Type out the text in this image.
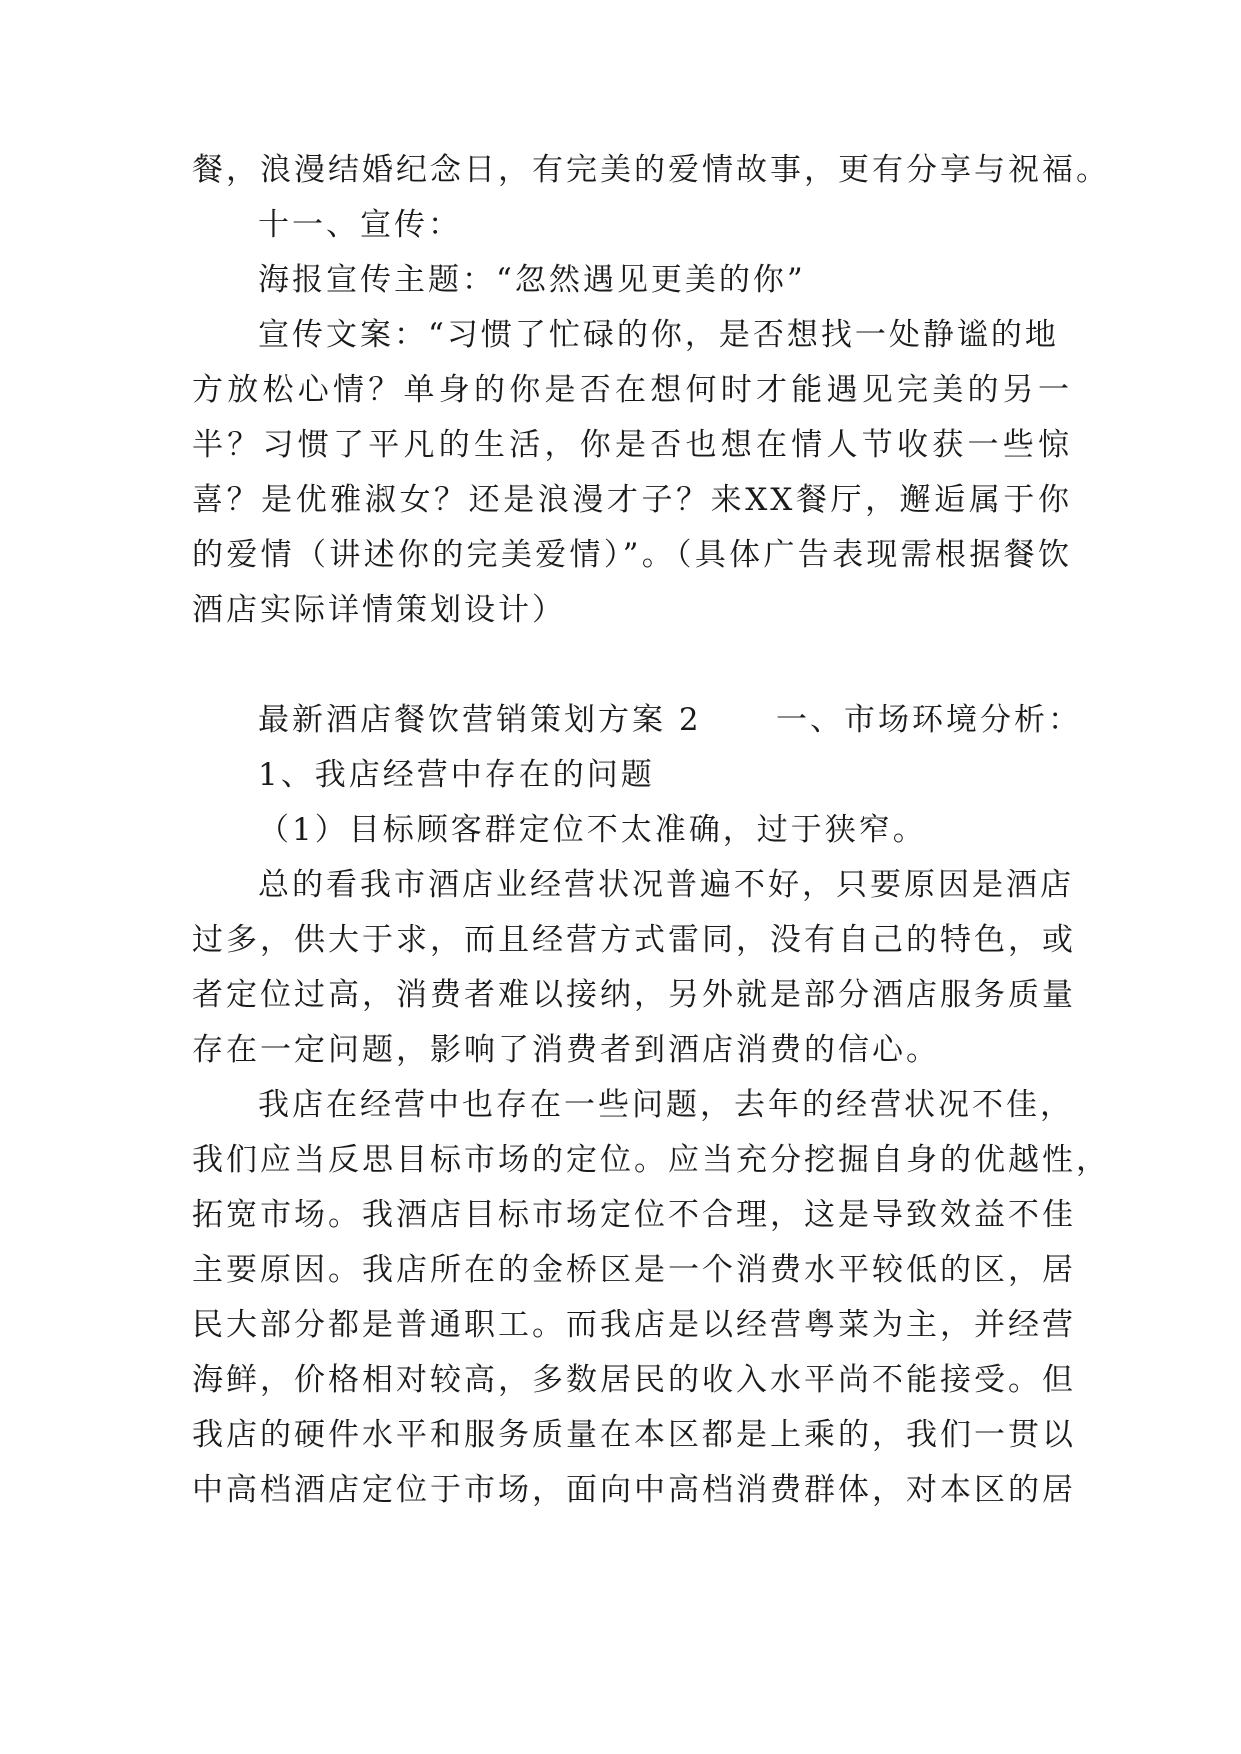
餐，浪漫结婚纪念日，有完美的爱情故事，更有分享与祝福。
十一、宣传：
海报宣传主题：“忽然遇见更美的你”
宣传文案：“习惯了忙碌的你，是否想找一处静谧的地
方放松心情？单身的你是否在想何时才能遇见完美的另一
半？习惯了平凡的生活，你是否也想在情人节收获一些惊
喜？是优雅淑女？还是浪漫才子？来XX餐厅，邂逅属于你
的爱情（讲述你的完美爱情）”。（具体广告表现需根据餐饮
酒店实际详情策划设计）
最新酒店餐饮营销策划方案 2 一、市场环境分析：
1、我店经营中存在的问题
（1）目标顾客群定位不太准确，过于狭窄。
总的看我市酒店业经营状况普遍不好，只要原因是酒店
过多，供大于求，而且经营方式雷同，没有自己的特色，或
者定位过高，消费者难以接纳，另外就是部分酒店服务质量
存在一定问题，影响了消费者到酒店消费的信心。
我店在经营中也存在一些问题，去年的经营状况不佳，
我们应当反思目标市场的定位。应当充分挖掘自身的优越性，
拓宽市场。我酒店目标市场定位不合理，这是导致效益不佳
主要原因。我店所在的金桥区是一个消费水平较低的区，居
民大部分都是普通职工。而我店是以经营粤菜为主，并经营
海鲜，价格相对较高，多数居民的收入水平尚不能接受。但
我店的硬件水平和服务质量在本区都是上乘的，我们一贯以
中高档酒店定位于市场，面向中高档消费群体，对本区的居
